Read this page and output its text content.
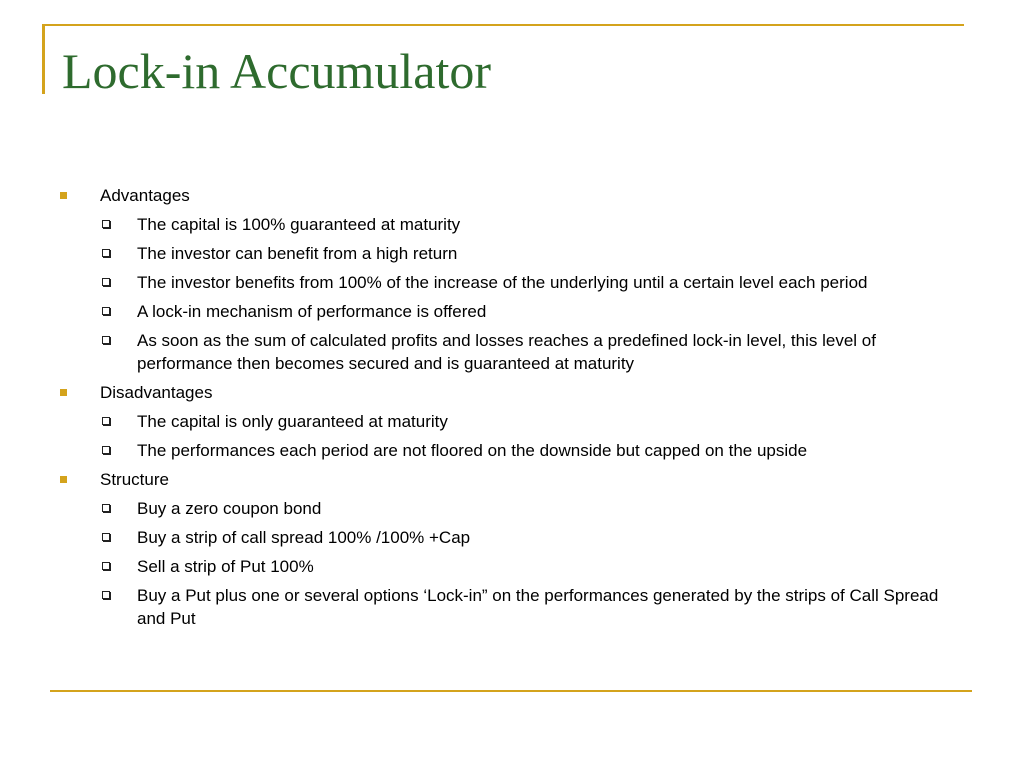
Lock-in Accumulator
Advantages
The capital is 100% guaranteed at maturity
The investor can benefit from a high return
The investor benefits from 100% of the increase of the underlying until a certain level each period
A lock-in mechanism of performance is offered
As soon as the sum of calculated profits and losses reaches a predefined lock-in level, this level of performance then becomes secured and is guaranteed at maturity
Disadvantages
The capital is only guaranteed at maturity
The performances each period are not floored on the downside but capped on the upside
Structure
Buy a zero coupon bond
Buy a strip of call spread 100% /100% +Cap
Sell a strip of Put 100%
Buy a Put plus one or several options ‘Lock-in” on the performances generated by the strips of Call Spread and Put
